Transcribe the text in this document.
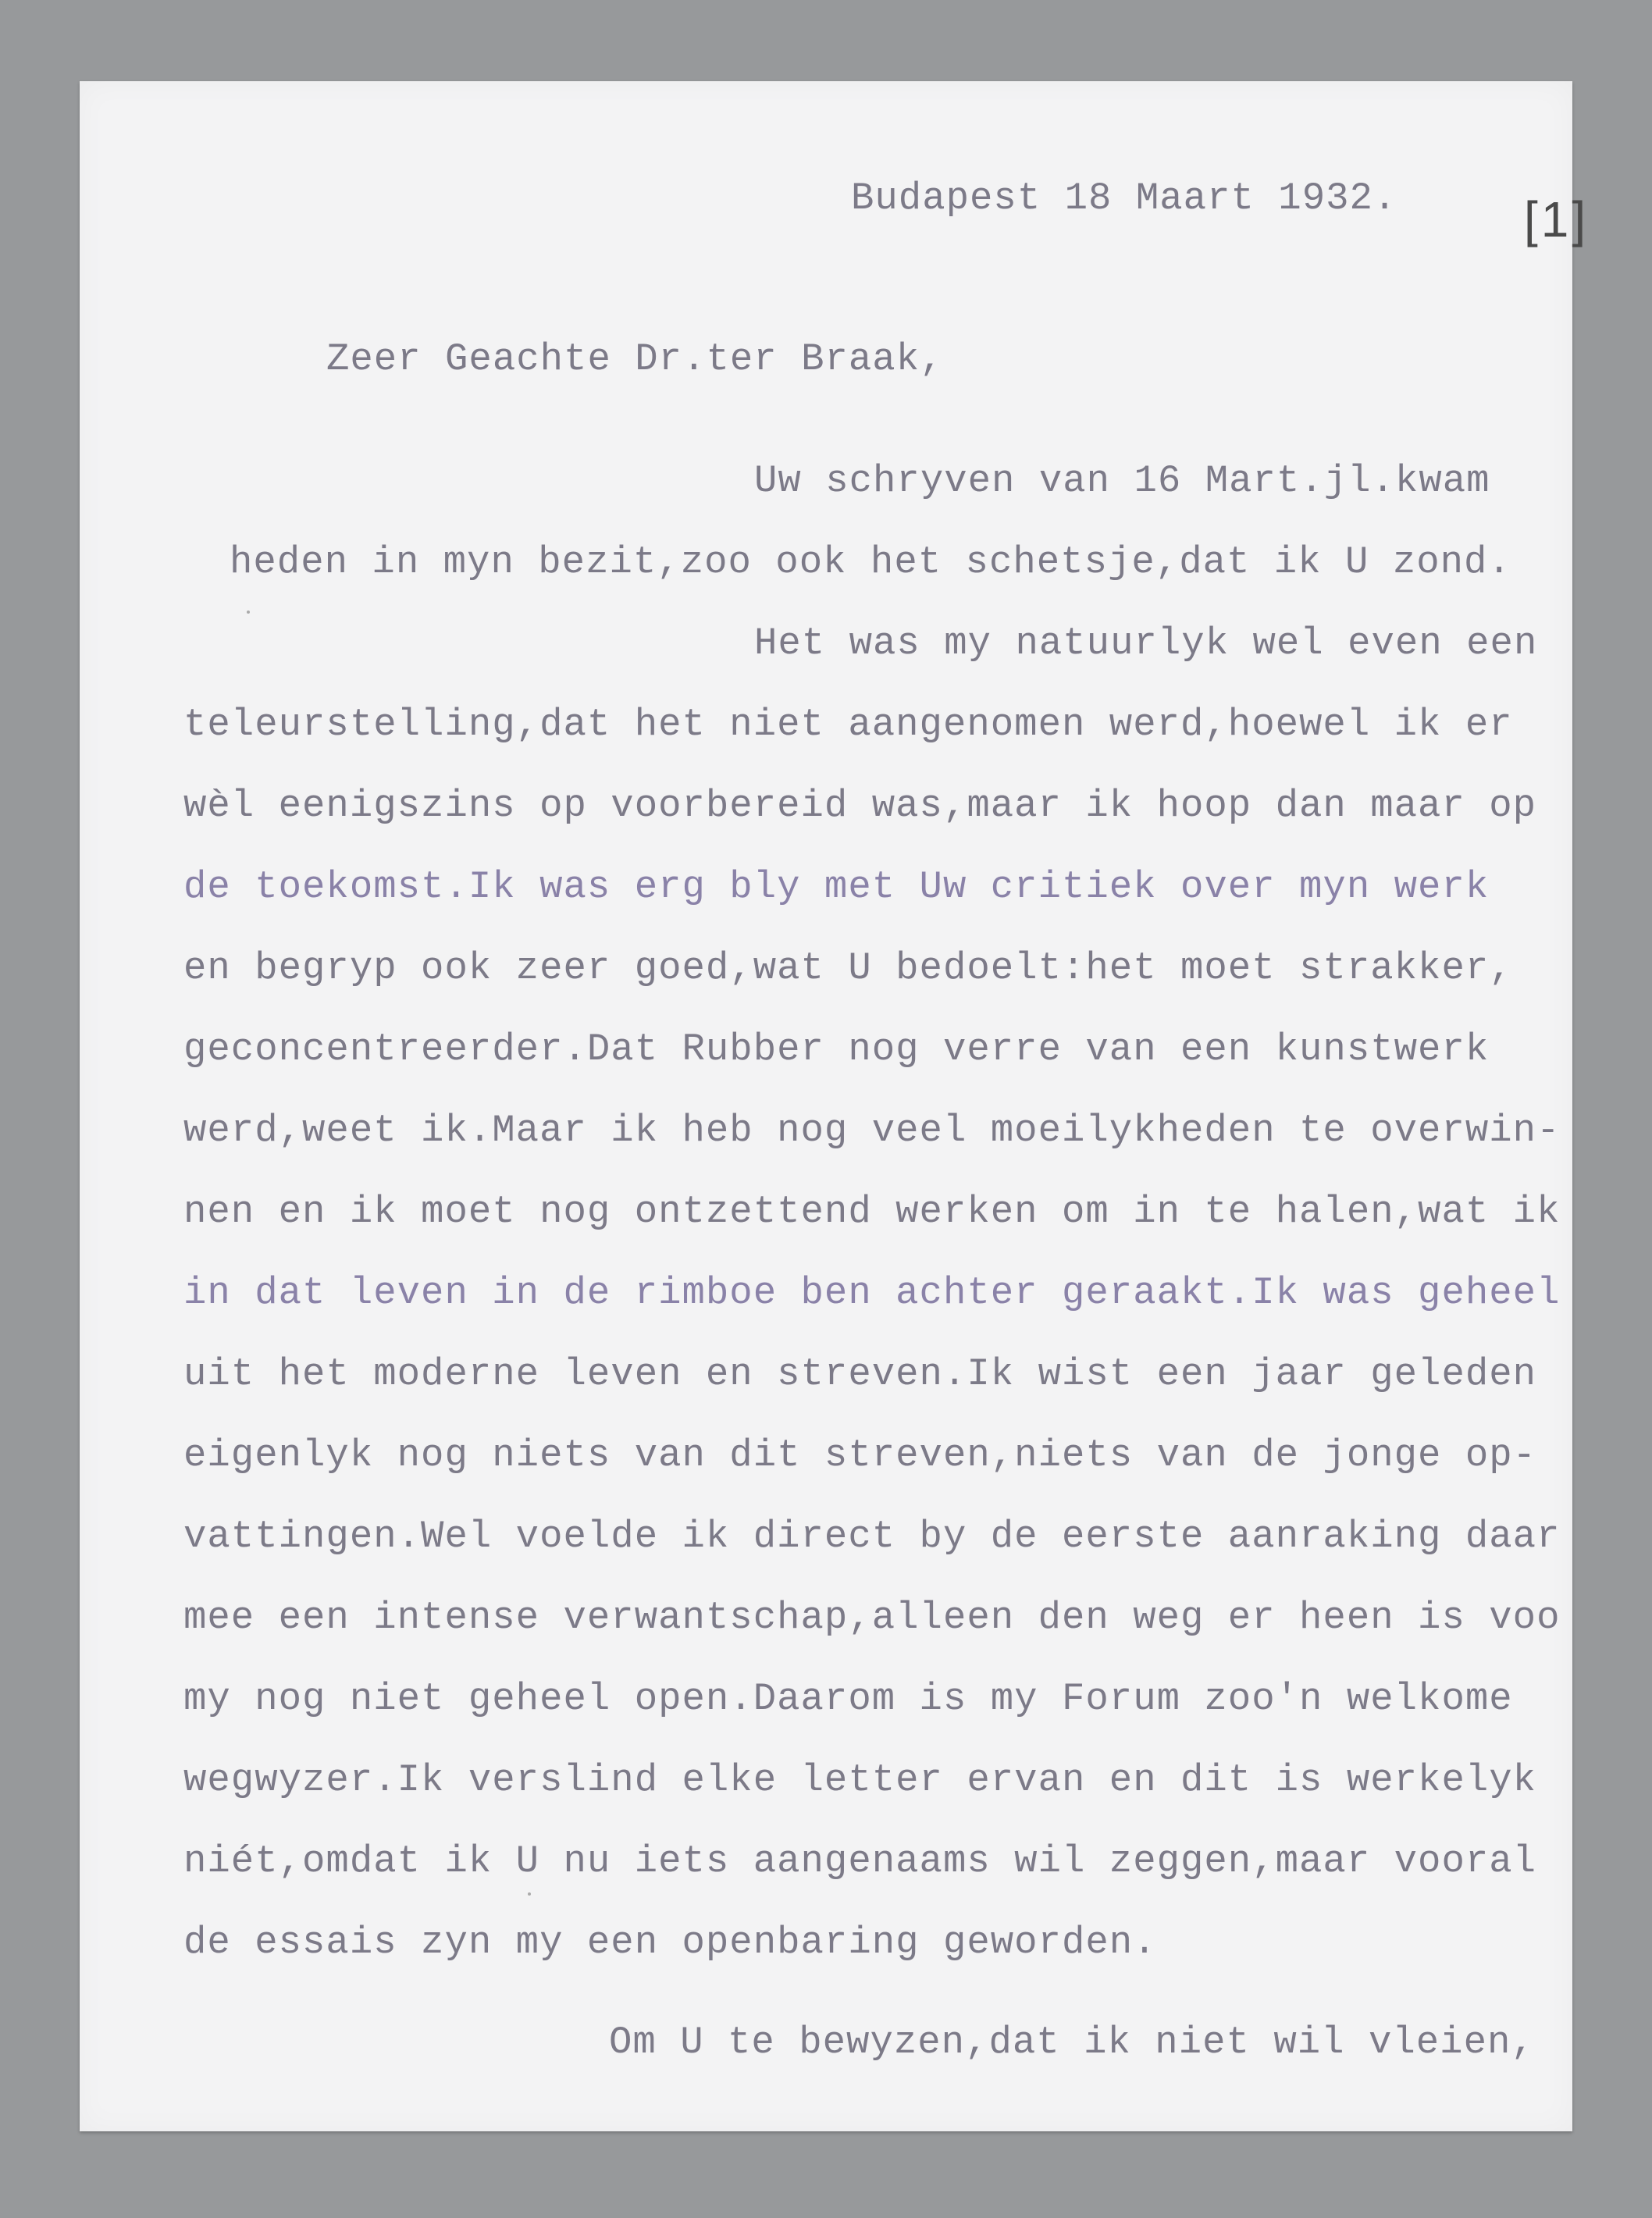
[1]
Budapest 18 Maart 1932.
Zeer Geachte Dr.ter Braak,
Uw schryven van 16 Mart.jl.kwam
heden in myn bezit,zoo ook het schetsje,dat ik U zond.
Het was my natuurlyk wel even een
teleurstelling,dat het niet aangenomen werd,hoewel ik er
wèl eenigszins op voorbereid was,maar ik hoop dan maar op
de toekomst.Ik was erg bly met Uw critiek over myn werk
en begryp ook zeer goed,wat U bedoelt:het moet strakker,
geconcentreerder.Dat Rubber nog verre van een kunstwerk
werd,weet ik.Maar ik heb nog veel moeilykheden te overwin-
nen en ik moet nog ontzettend werken om in te halen,wat ik
in dat leven in de rimboe ben achter geraakt.Ik was geheel
uit het moderne leven en streven.Ik wist een jaar geleden
eigenlyk nog niets van dit streven,niets van de jonge op-
vattingen.Wel voelde ik direct by de eerste aanraking daar
mee een intense verwantschap,alleen den weg er heen is voo
my nog niet geheel open.Daarom is my Forum zoo'n welkome
wegwyzer.Ik verslind elke letter ervan en dit is werkelyk
niét,omdat ik U nu iets aangenaams wil zeggen,maar vooral
de essais zyn my een openbaring geworden.
Om U te bewyzen,dat ik niet wil vleien,
